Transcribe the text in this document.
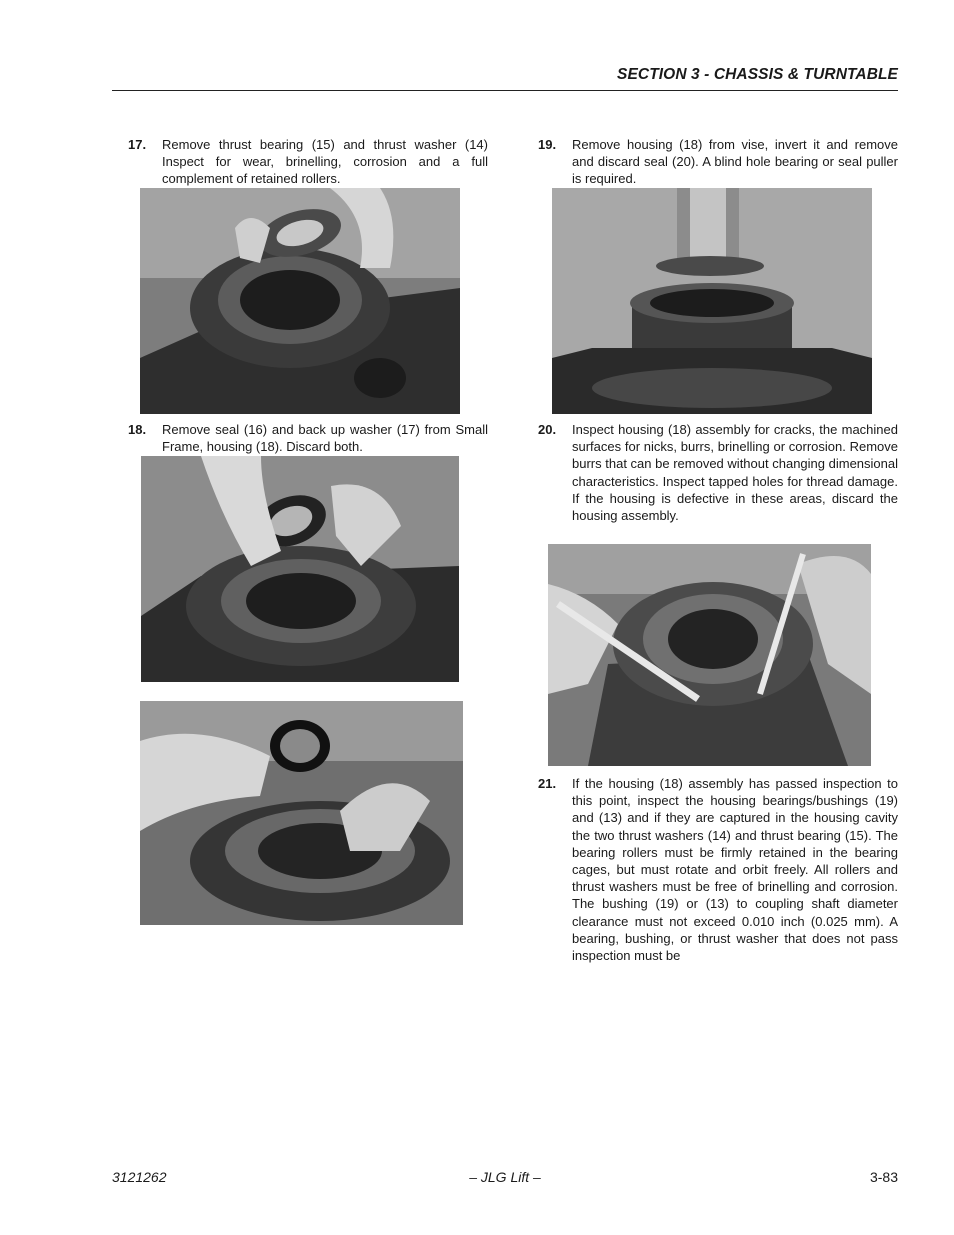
SECTION 3 - CHASSIS & TURNTABLE
17. Remove thrust bearing (15) and thrust washer (14) Inspect for wear, brinelling, corrosion and a full complement of retained rollers.
18. Remove seal (16) and back up washer (17) from Small Frame, housing (18). Discard both.
19. Remove housing (18) from vise, invert it and remove and discard seal (20). A blind hole bearing or seal puller is required.
20. Inspect housing (18) assembly for cracks, the machined surfaces for nicks, burrs, brinelling or corrosion. Remove burrs that can be removed without changing dimensional characteristics. Inspect tapped holes for thread damage. If the housing is defective in these areas, discard the housing assembly.
21. If the housing (18) assembly has passed inspection to this point, inspect the housing bearings/bushings (19) and (13) and if they are captured in the housing cavity the two thrust washers (14) and thrust bearing (15). The bearing rollers must be firmly retained in the bearing cages, but must rotate and orbit freely. All rollers and thrust washers must be free of brinelling and corrosion. The bushing (19) or (13) to coupling shaft diameter clearance must not exceed 0.010 inch (0.025 mm). A bearing, bushing, or thrust washer that does not pass inspection must be
3121262	– JLG Lift –	3-83
